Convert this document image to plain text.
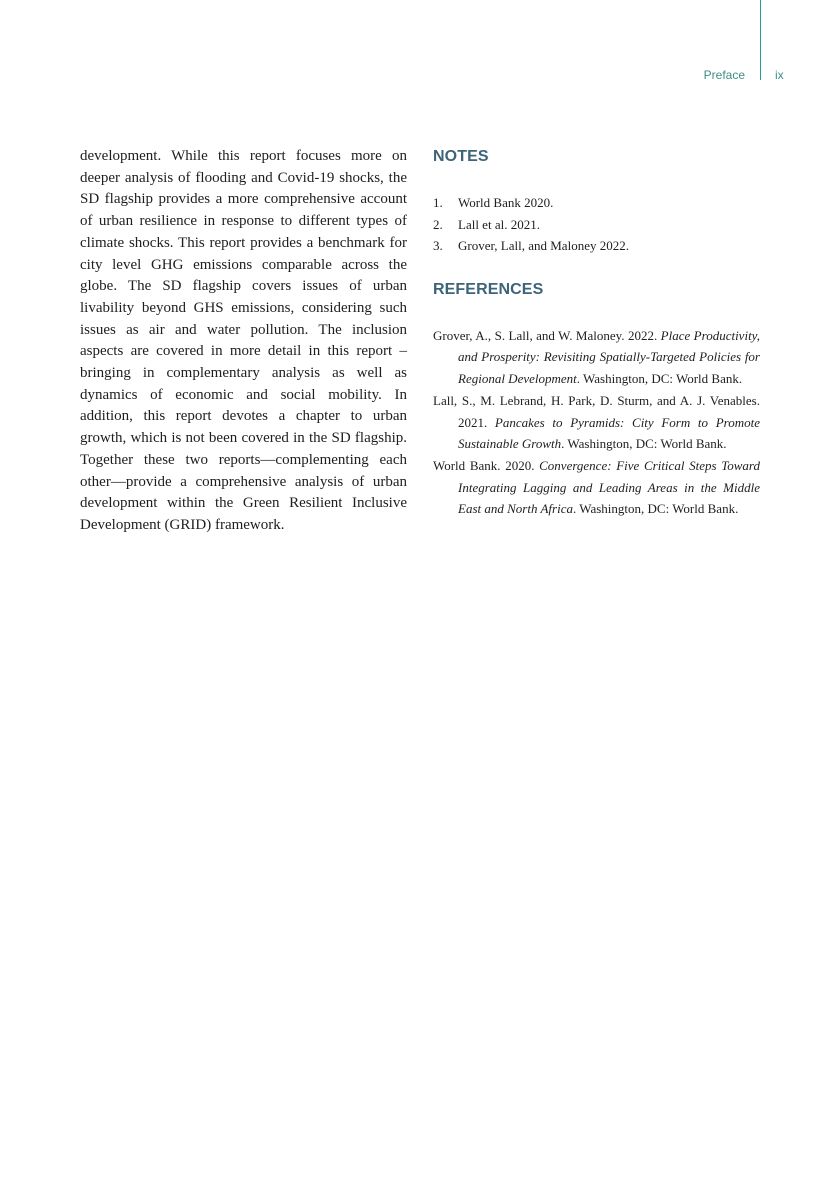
Preface	ix

development. While this report focuses more on deeper analysis of flooding and Covid-19 shocks, the SD flagship provides a more comprehensive account of urban resilience in response to different types of climate shocks. This report provides a benchmark for city level GHG emissions comparable across the globe. The SD flagship covers issues of urban livability beyond GHS emissions, considering such issues as air and water pollution. The inclusion aspects are covered in more detail in this report – bringing in complementary analysis as well as dynamics of economic and social mobility. In addition, this report devotes a chapter to urban growth, which is not been covered in the SD flagship. Together these two reports—complementing each other—provide a comprehensive analysis of urban development within the Green Resilient Inclusive Development (GRID) framework.

NOTES
1. World Bank 2020.
2. Lall et al. 2021.
3. Grover, Lall, and Maloney 2022.
REFERENCES
Grover, A., S. Lall, and W. Maloney. 2022. Place Productivity, and Prosperity: Revisiting Spatially-Targeted Policies for Regional Development. Washington, DC: World Bank.
Lall, S., M. Lebrand, H. Park, D. Sturm, and A. J. Venables. 2021. Pancakes to Pyramids: City Form to Promote Sustainable Growth. Washington, DC: World Bank.
World Bank. 2020. Convergence: Five Critical Steps Toward Integrating Lagging and Leading Areas in the Middle East and North Africa. Washington, DC: World Bank.
